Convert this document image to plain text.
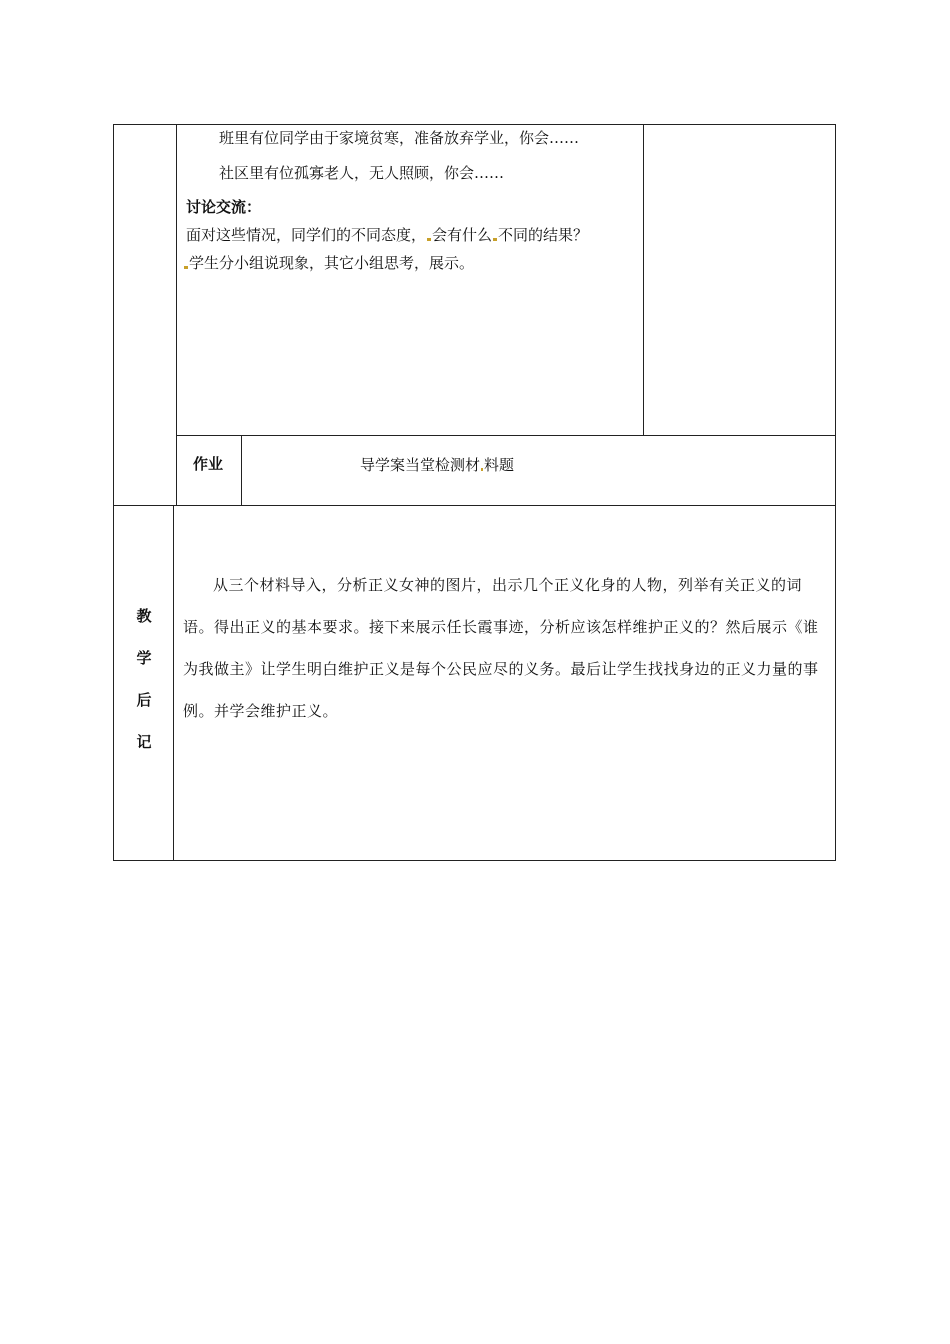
班里有位同学由于家境贫寒，准备放弃学业，你会……
社区里有位孤寡老人，无人照顾，你会……
讨论交流：
面对这些情况，同学们的不同态度， 会有什么 不同的结果？
学生分小组说现象，其它小组思考，展示。
作业	导学案当堂检测材 料题
教
学
后
记

从三个材料导入，分析正义女神的图片，出示几个正义化身的人物，列举有关正义的词语。得出正义的基本要求。接下来展示任长霞事迹，分析应该怎样维护正义的？然后展示《谁为我做主》让学生明白维护正义是每个公民应尽的义务。最后让学生找找身边的正义力量的事例。并学会维护正义。
